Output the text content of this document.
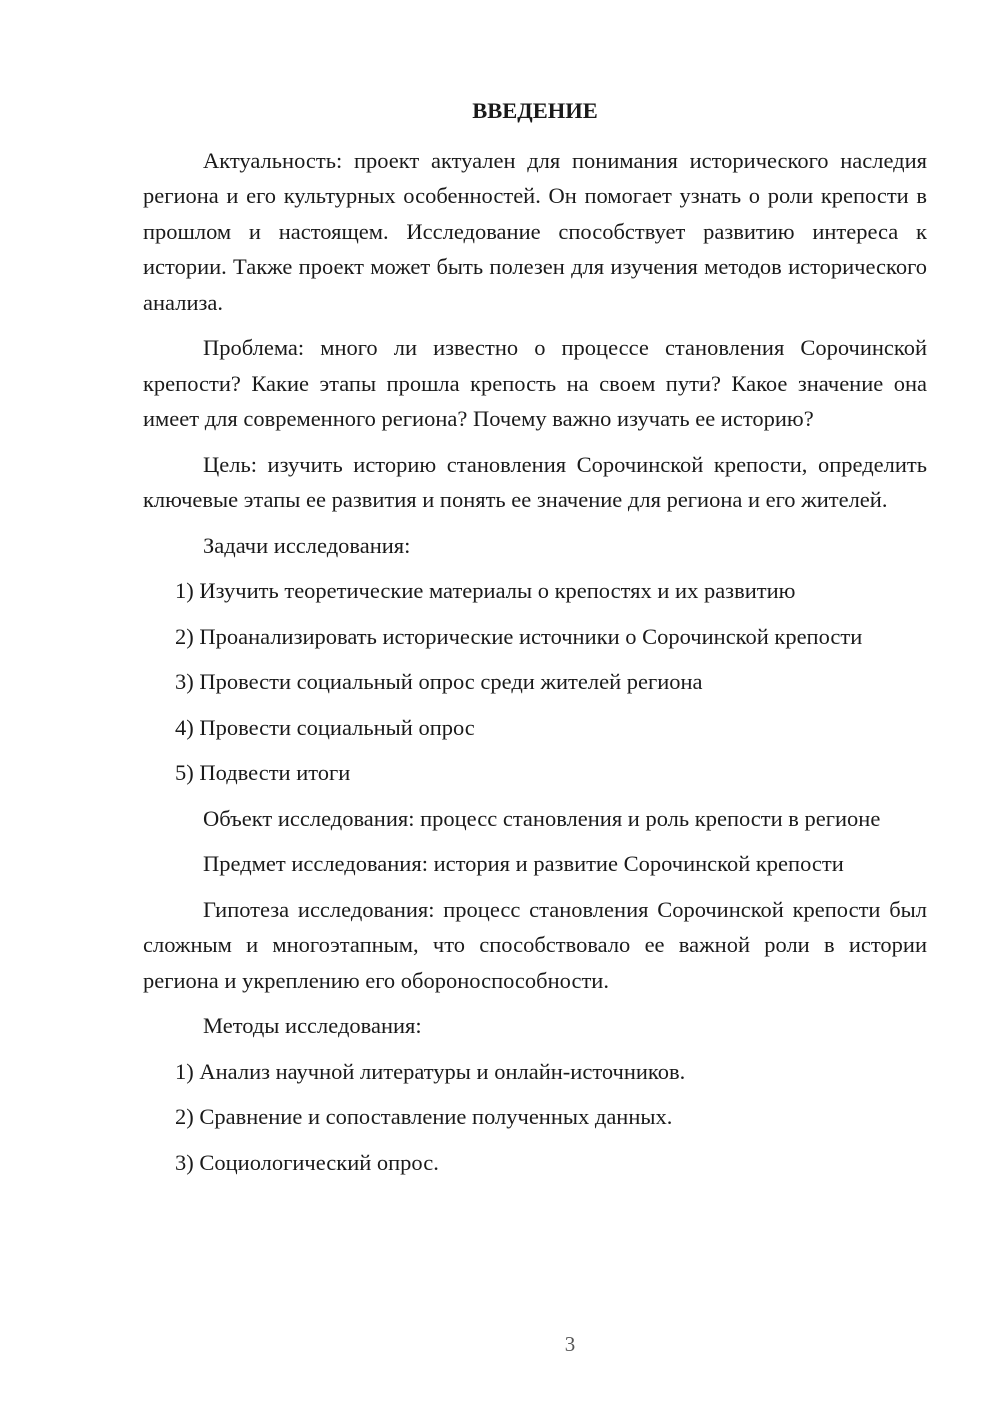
ВВЕДЕНИЕ

Актуальность: проект актуален для понимания исторического наследия региона и его культурных особенностей. Он помогает узнать о роли крепости в прошлом и настоящем. Исследование способствует развитию интереса к истории. Также проект может быть полезен для изучения методов исторического анализа.

Проблема: много ли известно о процессе становления Сорочинской крепости? Какие этапы прошла крепость на своем пути? Какое значение она имеет для современного региона? Почему важно изучать ее историю?

Цель: изучить историю становления Сорочинской крепости, определить ключевые этапы ее развития и понять ее значение для региона и его жителей.

Задачи исследования:

1) Изучить теоретические материалы о крепостях и их развитию

2) Проанализировать исторические источники о Сорочинской крепости

3) Провести социальный опрос среди жителей региона

4) Провести социальный опрос

5) Подвести итоги

Объект исследования: процесс становления и роль крепости в регионе

Предмет исследования: история и развитие Сорочинской крепости

Гипотеза исследования: процесс становления Сорочинской крепости был сложным и многоэтапным, что способствовало ее важной роли в истории региона и укреплению его обороноспособности.

Методы исследования:

1) Анализ научной литературы и онлайн-источников.

2) Сравнение и сопоставление полученных данных.

3) Социологический опрос.

3
